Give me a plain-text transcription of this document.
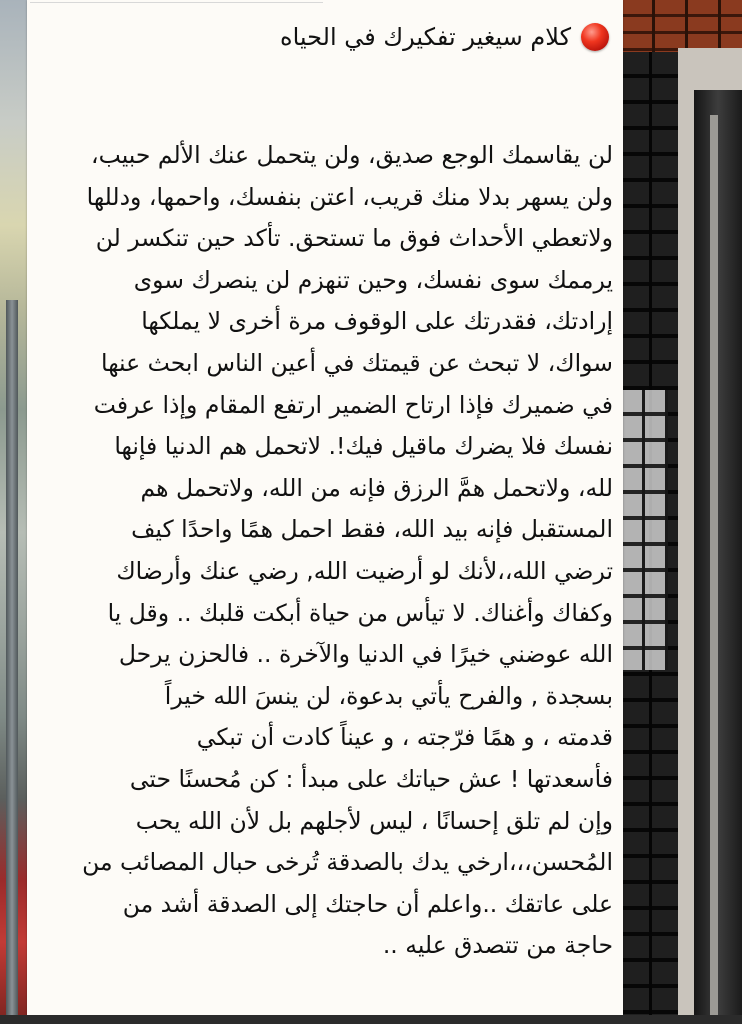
كلام سيغير تفكيرك في الحياه
لن يقاسمك الوجع صديق، ولن يتحمل عنك الألم حبيب،
ولن يسهر بدلا منك قريب، اعتن بنفسك، واحمها، ودللها
ولاتعطي الأحداث فوق ما تستحق. تأكد حين تنكسر لن
يرممك سوى نفسك، وحين تنهزم لن ينصرك سوى
إرادتك، فقدرتك على الوقوف مرة أخرى لا يملكها
سواك، لا تبحث عن قيمتك في أعين الناس ابحث عنها
في ضميرك فإذا ارتاح الضمير ارتفع المقام وإذا عرفت
نفسك فلا يضرك ماقيل فيك!. لاتحمل هم الدنيا فإنها
لله، ولاتحمل همَّ الرزق فإنه من الله، ولاتحمل هم
المستقبل فإنه بيد الله، فقط احمل همًا واحدًا كيف
ترضي الله،،لأنك لو أرضيت الله, رضي عنك وأرضاك
وكفاك وأغناك. لا تيأس من حياة أبكت قلبك .. وقل يا
الله عوضني خيرًا في الدنيا والآخرة .. فالحزن يرحل
بسجدة , والفرح يأتي بدعوة، لن ينسَ الله خيراً
قدمته ، و همًا فرّجته ، و عيناً كادت أن تبكي
فأسعدتها ! عش حياتك على مبدأ : كن مُحسنًا حتى
وإن لم تلق إحسانًا ، ليس لأجلهم بل لأن الله يحب
المُحسن،،،ارخي يدك بالصدقة تُرخى حبال المصائب من
على عاتقك ..واعلم أن حاجتك إلى الصدقة أشد من
حاجة من تتصدق عليه ..
